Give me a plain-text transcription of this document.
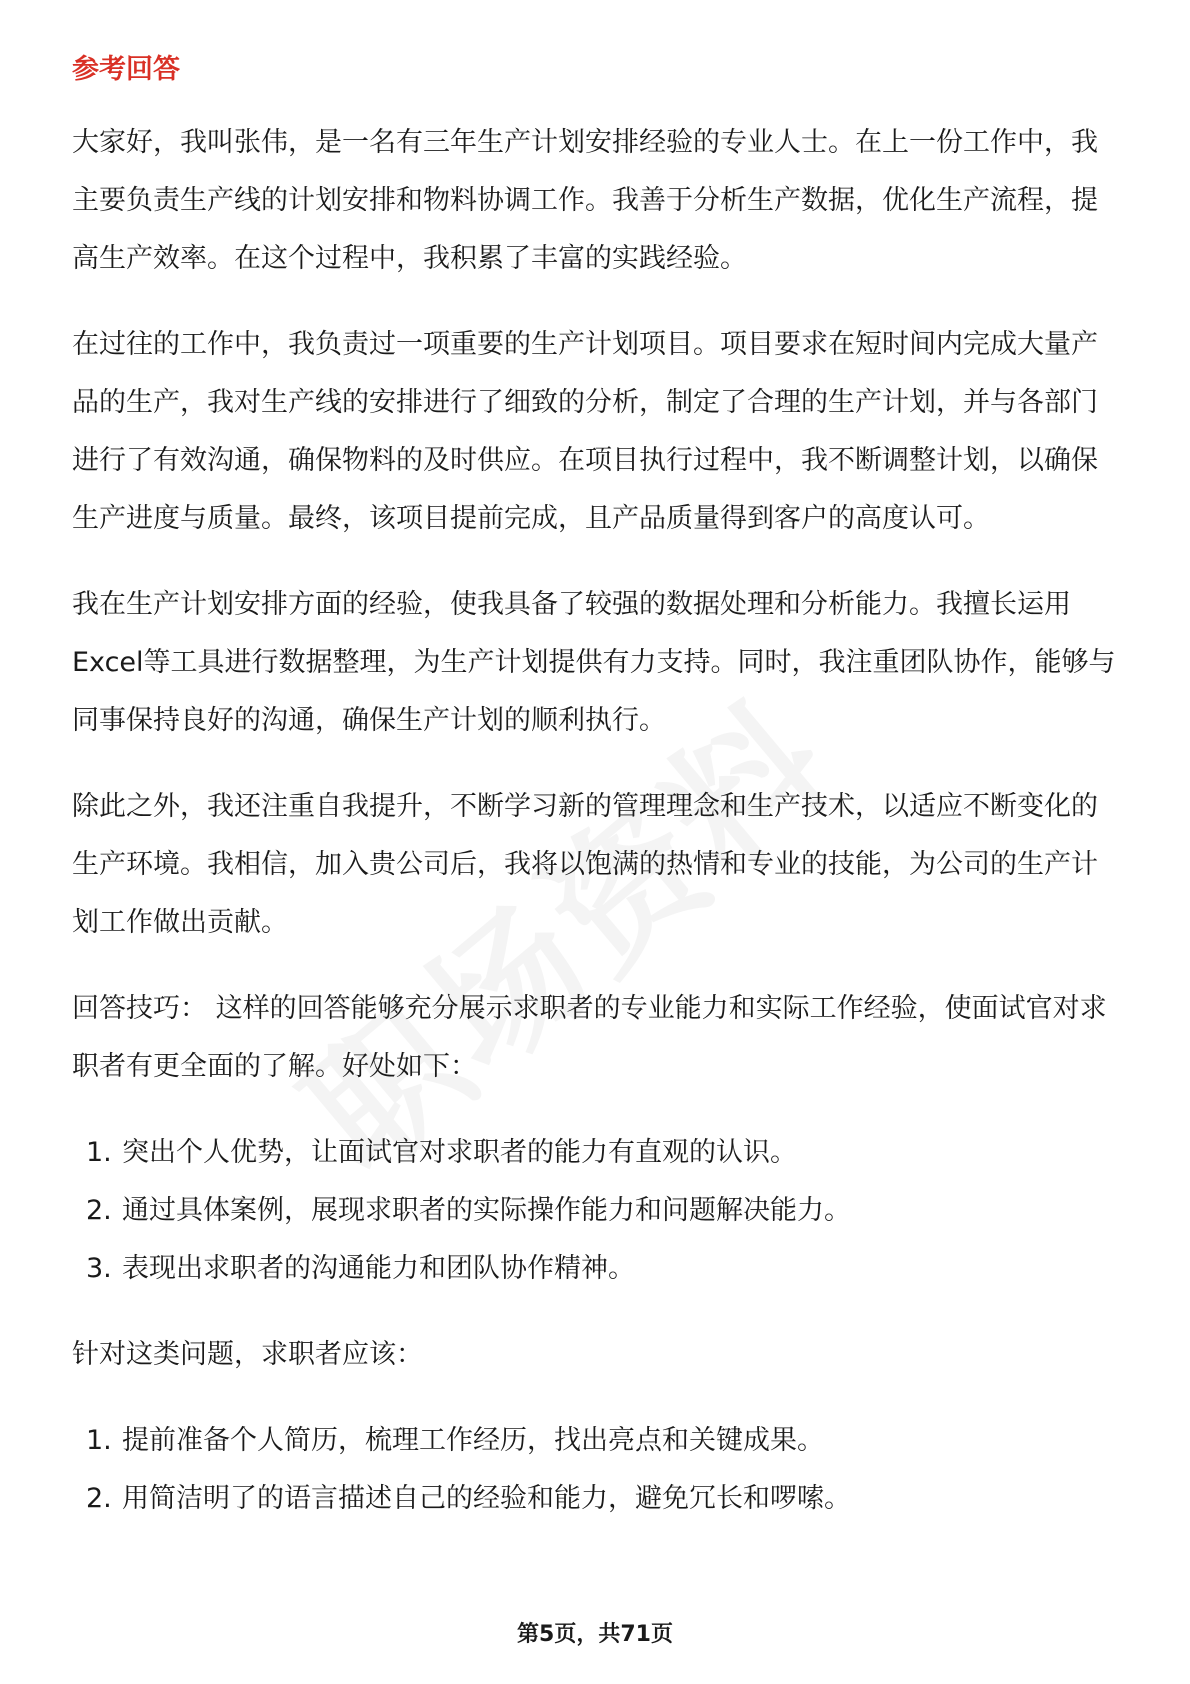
参考回答

大家好，我叫张伟，是一名有三年生产计划安排经验的专业人士。在上一份工作中，我主要负责生产线的计划安排和物料协调工作。我善于分析生产数据，优化生产流程，提高生产效率。在这个过程中，我积累了丰富的实践经验。

在过往的工作中，我负责过一项重要的生产计划项目。项目要求在短时间内完成大量产品的生产，我对生产线的安排进行了细致的分析，制定了合理的生产计划，并与各部门进行了有效沟通，确保物料的及时供应。在项目执行过程中，我不断调整计划，以确保生产进度与质量。最终，该项目提前完成，且产品质量得到客户的高度认可。

我在生产计划安排方面的经验，使我具备了较强的数据处理和分析能力。我擅长运用Excel等工具进行数据整理，为生产计划提供有力支持。同时，我注重团队协作，能够与同事保持良好的沟通，确保生产计划的顺利执行。

除此之外，我还注重自我提升，不断学习新的管理理念和生产技术，以适应不断变化的生产环境。我相信，加入贵公司后，我将以饱满的热情和专业的技能，为公司的生产计划工作做出贡献。

回答技巧： 这样的回答能够充分展示求职者的专业能力和实际工作经验，使面试官对求职者有更全面的了解。好处如下：

1. 突出个人优势，让面试官对求职者的能力有直观的认识。
2. 通过具体案例，展现求职者的实际操作能力和问题解决能力。
3. 表现出求职者的沟通能力和团队协作精神。

针对这类问题，求职者应该：

1. 提前准备个人简历，梳理工作经历，找出亮点和关键成果。
2. 用简洁明了的语言描述自己的经验和能力，避免冗长和啰嗦。
第5页，共71页
